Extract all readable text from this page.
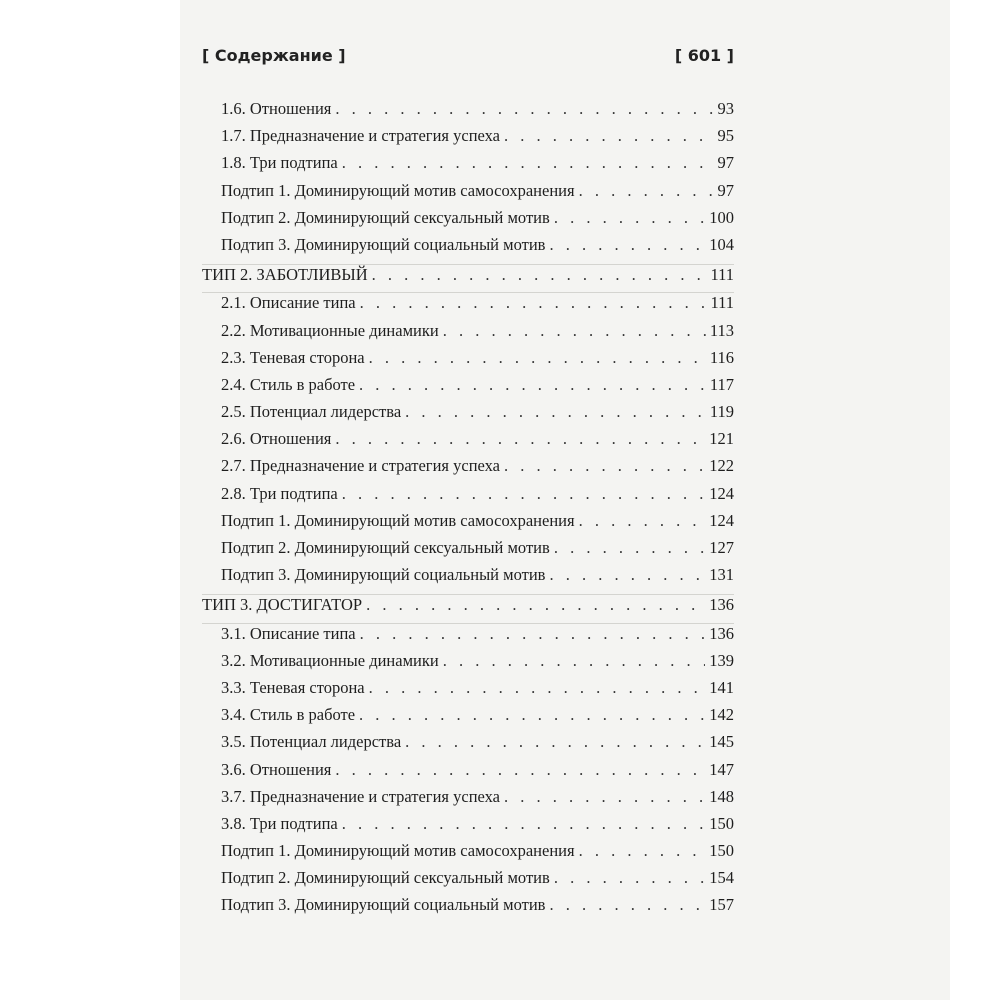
[ Содержание ]	[ 601 ]
1.6. Отношения . . .	93
1.7. Предназначение и стратегия успеха . . .	95
1.8. Три подтипа . . .	97
Подтип 1. Доминирующий мотив самосохранения . . .	97
Подтип 2. Доминирующий сексуальный мотив . . .	100
Подтип 3. Доминирующий социальный мотив . . .	104
ТИП 2. ЗАБОТЛИВЫЙ . . .	111
2.1. Описание типа . . .	111
2.2. Мотивационные динамики . . .	113
2.3. Теневая сторона . . .	116
2.4. Стиль в работе . . .	117
2.5. Потенциал лидерства . . .	119
2.6. Отношения . . .	121
2.7. Предназначение и стратегия успеха . . .	122
2.8. Три подтипа . . .	124
Подтип 1. Доминирующий мотив самосохранения . . .	124
Подтип 2. Доминирующий сексуальный мотив . . .	127
Подтип 3. Доминирующий социальный мотив . . .	131
ТИП 3. ДОСТИГАТОР . . .	136
3.1. Описание типа . . .	136
3.2. Мотивационные динамики . . .	139
3.3. Теневая сторона . . .	141
3.4. Стиль в работе . . .	142
3.5. Потенциал лидерства . . .	145
3.6. Отношения . . .	147
3.7. Предназначение и стратегия успеха . . .	148
3.8. Три подтипа . . .	150
Подтип 1. Доминирующий мотив самосохранения . . .	150
Подтип 2. Доминирующий сексуальный мотив . . .	154
Подтип 3. Доминирующий социальный мотив . . .	157
